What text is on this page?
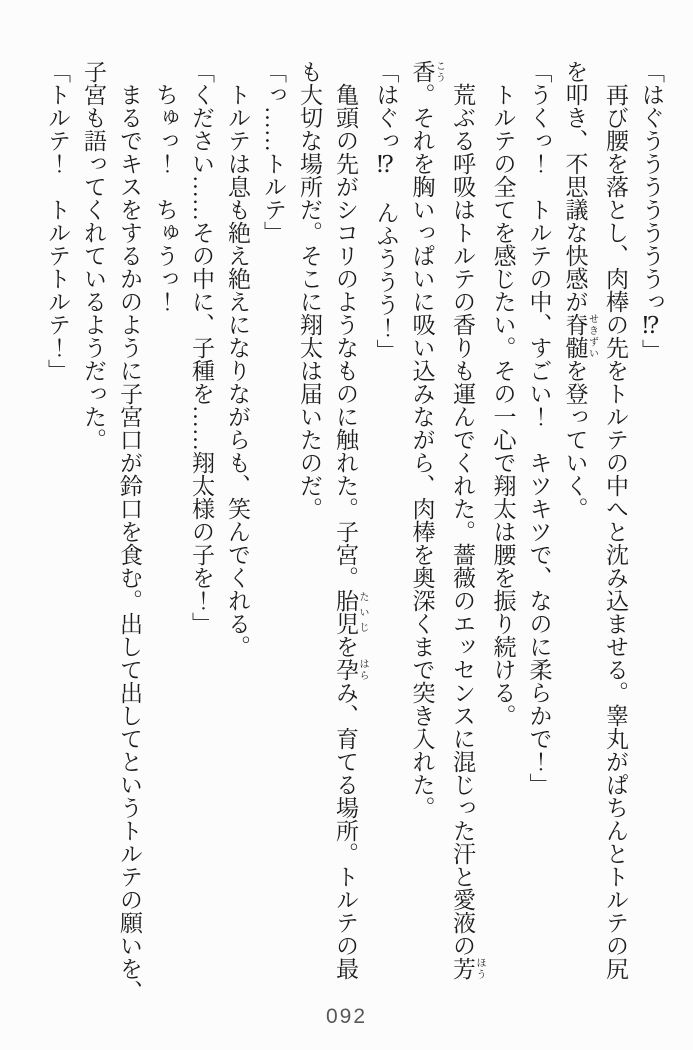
「はぐうううううううっ⁉」
再び腰を落とし、肉棒の先をトルテの中へと沈み込ませる。睾丸がぱちんとトルテの尻
を叩き、不思議な快感が脊髄 せきずいを登っていく。
「うくっ！　トルテの中、すごい！　キツキツで、なのに柔らかで！」
トルテの全てを感じたい。その一心で翔太は腰を振り続ける。
荒ぶる呼吸はトルテの香りも運んでくれた。薔薇のエッセンスに混じった汗と愛液の芳 ほう
香 こう。それを胸いっぱいに吸い込みながら、肉棒を奥深くまで突き入れた。
「はぐっ⁉　んふううう！」
亀頭の先がシコリのようなものに触れた。子宮。胎児 たいじを孕 はらみ、育てる場所。トルテの最
も大切な場所だ。そこに翔太は届いたのだ。
「っ……トルテ」
トルテは息も絶え絶えになりながらも、笑んでくれる。
「ください……その中に、子種を……翔太様の子を！」
ちゅっ！　ちゅうっ！
まるでキスをするかのように子宮口が鈴口を食む。出して出してというトルテの願いを、
子宮も語ってくれているようだった。
「トルテ！　トルテトルテ！」
092
